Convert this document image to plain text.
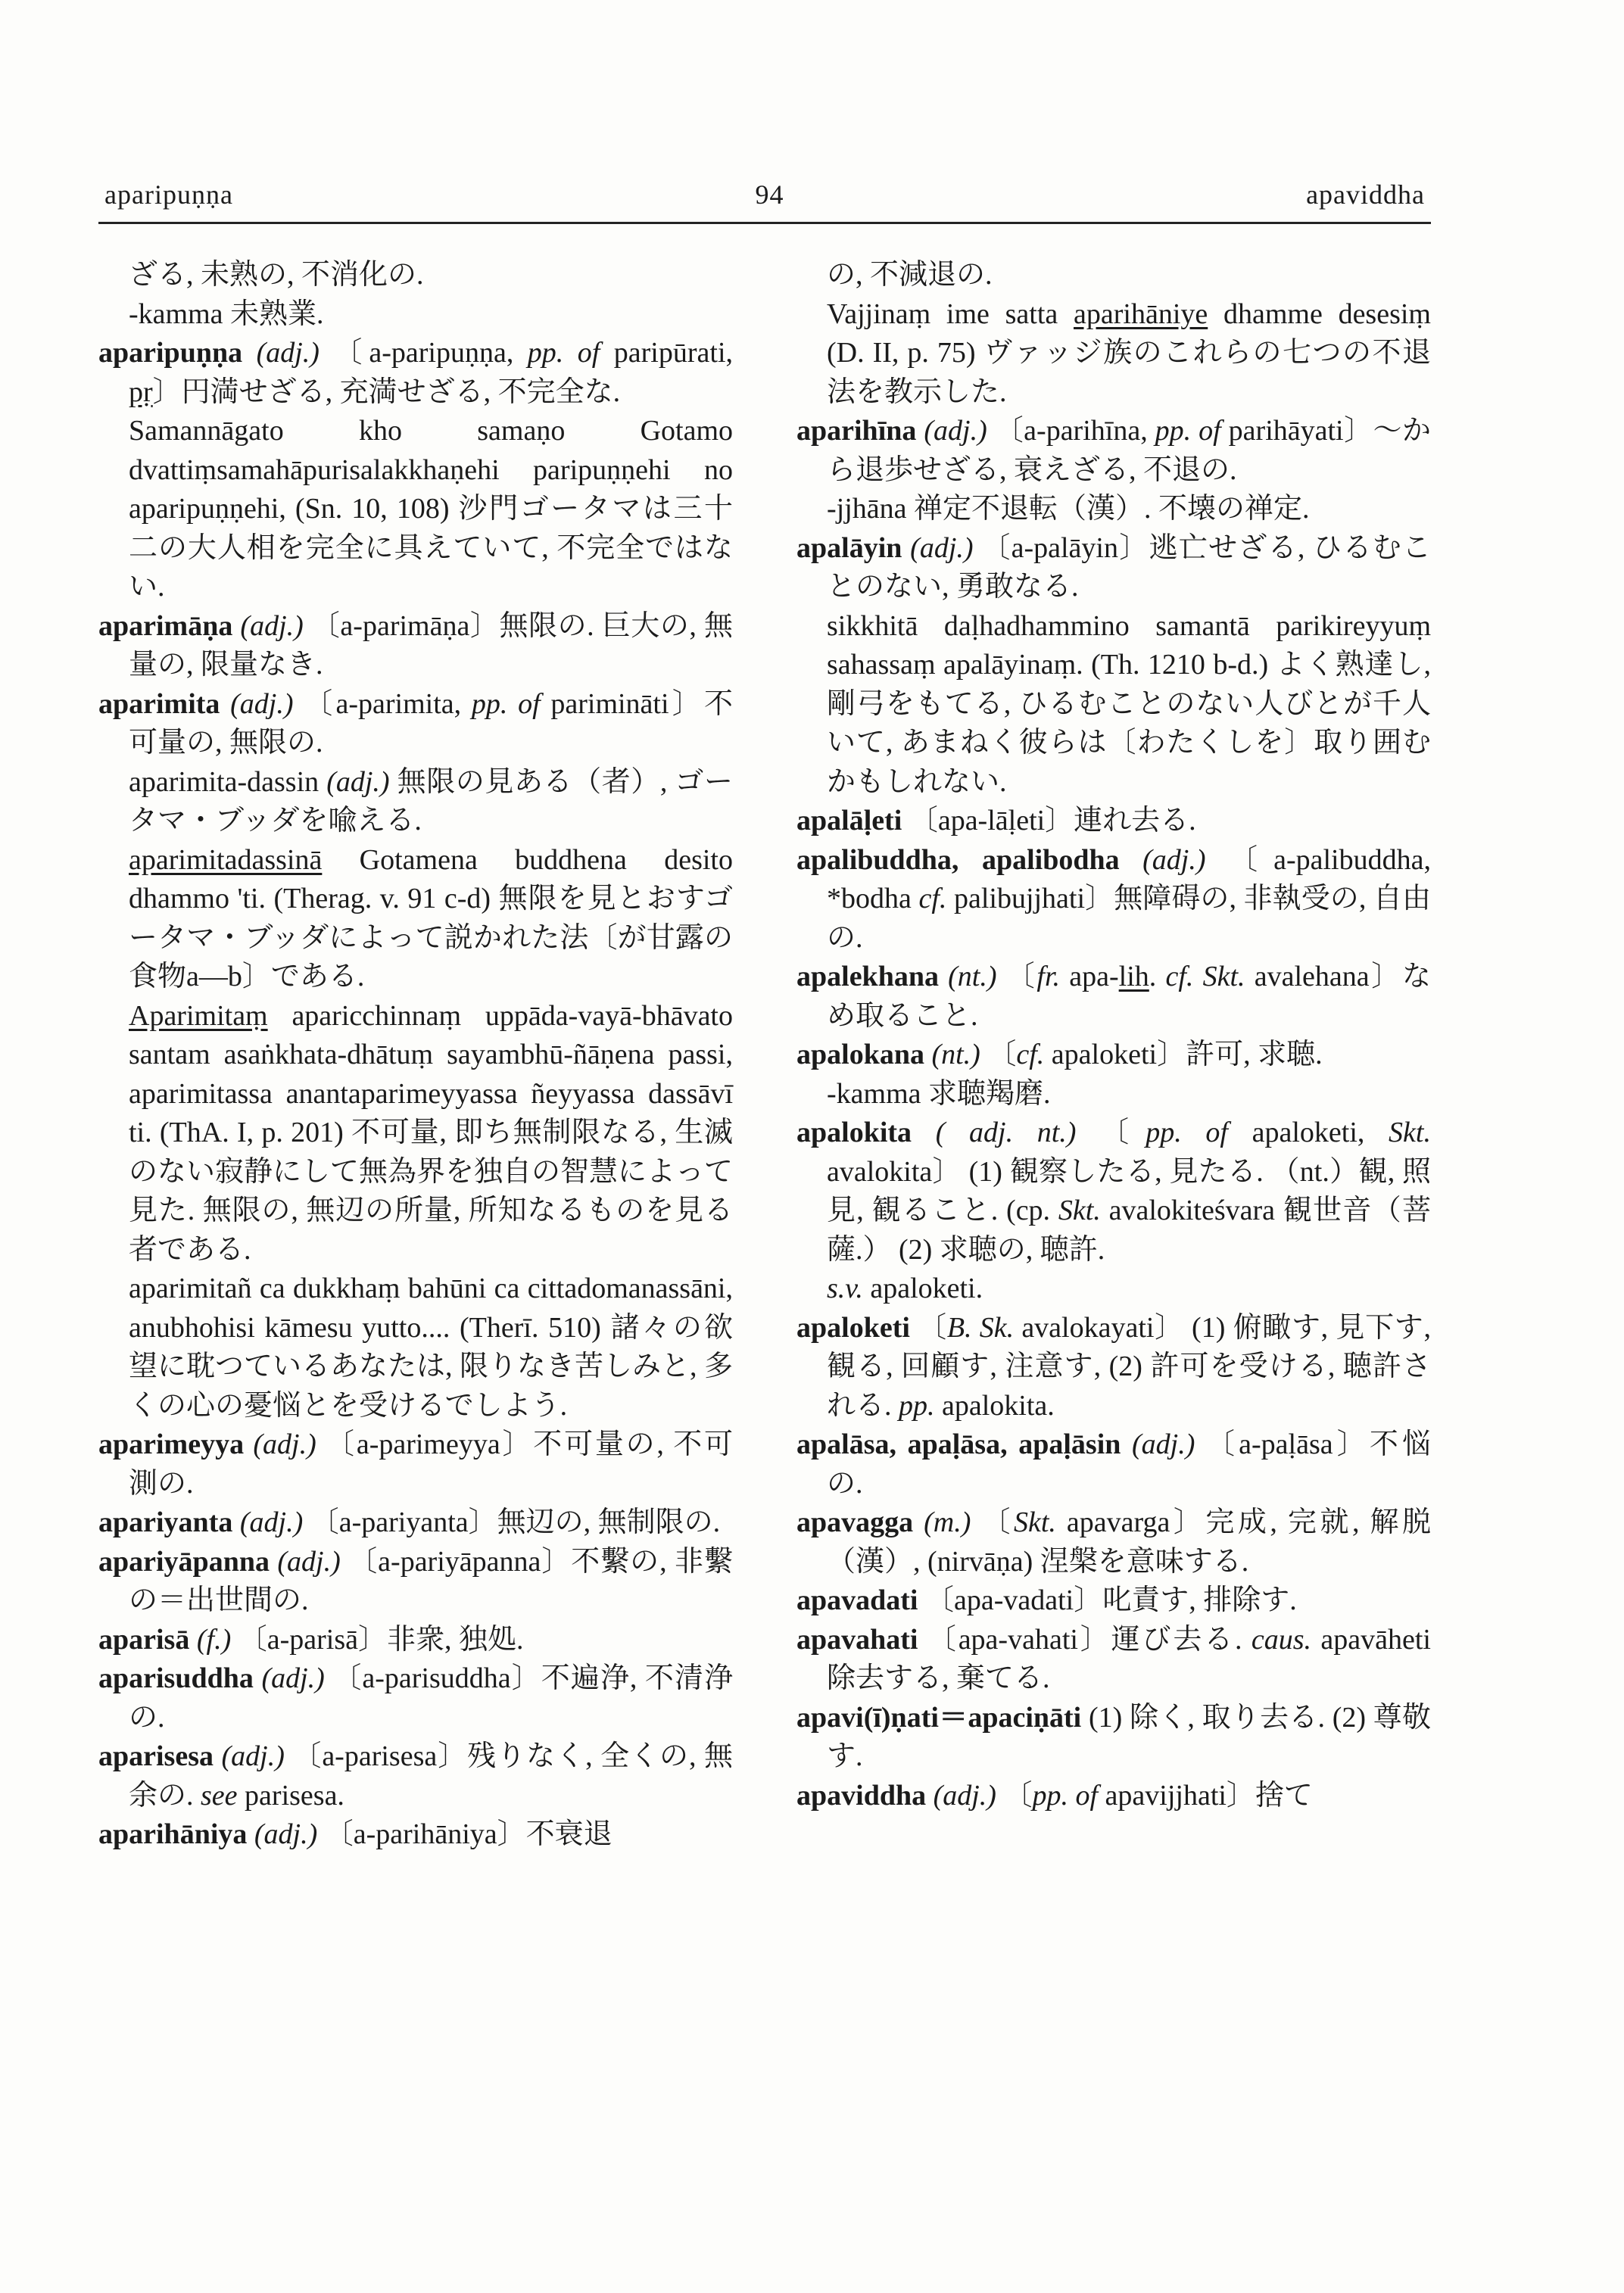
aparipuṇṇa	94	apaviddha

ざる, 未熟の, 不消化の.

-kamma 未熟業.

aparipuṇṇa (adj.) 〔a-paripuṇṇa, pp. of paripūrati, pṛ〕円満せざる, 充満せざる, 不完全な.

Samannāgato kho samaṇo Gotamo dvattiṃsamahāpurisalakkhaṇehi paripuṇṇehi no aparipuṇṇehi, (Sn. 10, 108) 沙門ゴータマは三十二の大人相を完全に具えていて, 不完全ではない.

aparimāṇa (adj.) 〔a-parimāṇa〕無限の. 巨大の, 無量の, 限量なき.

aparimita (adj.) 〔a-parimita, pp. of parimināti〕不可量の, 無限の.

aparimita-dassin (adj.) 無限の見ある（者）, ゴータマ・ブッダを喩える.

aparimitadassinā Gotamena buddhena desito dhammo 'ti. (Therag. v. 91 c-d) 無限を見とおすゴータマ・ブッダによって説かれた法〔が甘露の食物a―b〕である.

Aparimitaṃ aparicchinnaṃ uppāda-vayā-bhāvato santam asaṅkhata-dhātuṃ sayambhū-ñāṇena passi, aparimitassa anantaparimeyyassa ñeyyassa dassāvī ti. (ThA. I, p. 201) 不可量, 即ち無制限なる, 生滅のない寂静にして無為界を独自の智慧によって見た. 無限の, 無辺の所量, 所知なるものを見る者である.

aparimitañ ca dukkhaṃ bahūni ca cittadomanassāni, anubhohisi kāmesu yutto.... (Therī. 510) 諸々の欲望に耽つているあなたは, 限りなき苦しみと, 多くの心の憂悩とを受けるでしよう.

aparimeyya (adj.) 〔a-parimeyya〕不可量の, 不可測の.

apariyanta (adj.) 〔a-pariyanta〕無辺の, 無制限の.

apariyāpanna (adj.) 〔a-pariyāpanna〕不繫の, 非繫の＝出世間の.

aparisā (f.) 〔a-parisā〕非衆, 独処.

aparisuddha (adj.) 〔a-parisuddha〕不遍浄, 不清浄の.

aparisesa (adj.) 〔a-parisesa〕残りなく, 全くの, 無余の. see parisesa.

aparihāniya (adj.) 〔a-parihāniya〕不衰退

の, 不減退の.

Vajjinaṃ ime satta aparihāniye dhamme desesiṃ (D. II, p. 75) ヴァッジ族のこれらの七つの不退法を教示した.

aparihīna (adj.) 〔a-parihīna, pp. of parihāyati〕～から退歩せざる, 衰えざる, 不退の.

-jjhāna 禅定不退転（漢）. 不壊の禅定.

apalāyin (adj.) 〔a-palāyin〕逃亡せざる, ひるむことのない, 勇敢なる.

sikkhitā daḷhadhammino samantā parikireyyuṃ sahassaṃ apalāyinaṃ. (Th. 1210 b-d.) よく熟達し, 剛弓をもてる, ひるむことのない人びとが千人いて, あまねく彼らは〔わたくしを〕取り囲むかもしれない.

apalāḷeti 〔apa-lāḷeti〕連れ去る.

apalibuddha, apalibodha (adj.) 〔a-palibuddha, *bodha cf. palibujjhati〕無障碍の, 非執受の, 自由の.

apalekhana (nt.) 〔fr. apa-lih. cf. Skt. avalehana〕なめ取ること.

apalokana (nt.) 〔cf. apaloketi〕許可, 求聴.

-kamma 求聴羯磨.

apalokita ( adj. nt.) 〔pp. of apaloketi, Skt. avalokita〕 (1) 観察したる, 見たる. （nt.）観, 照見, 観ること. (cp. Skt. avalokiteśvara 観世音（菩薩.） (2) 求聴の, 聴許.

s.v. apaloketi.

apaloketi 〔B. Sk. avalokayati〕 (1) 俯瞰す, 見下す, 観る, 回顧す, 注意す, (2) 許可を受ける, 聴許される. pp. apalokita.

apalāsa, apaḷāsa, apaḷāsin (adj.) 〔a-paḷāsa〕不悩の.

apavagga (m.) 〔Skt. apavarga〕完成, 完就, 解脱（漢）, (nirvāṇa) 涅槃を意味する.

apavadati 〔apa-vadati〕叱責す, 排除す.

apavahati 〔apa-vahati〕運び去る. caus. apavāheti 除去する, 棄てる.

apavi(ī)ṇati＝apaciṇāti (1) 除く, 取り去る. (2) 尊敬す.

apaviddha (adj.) 〔pp. of apavijjhati〕捨て
